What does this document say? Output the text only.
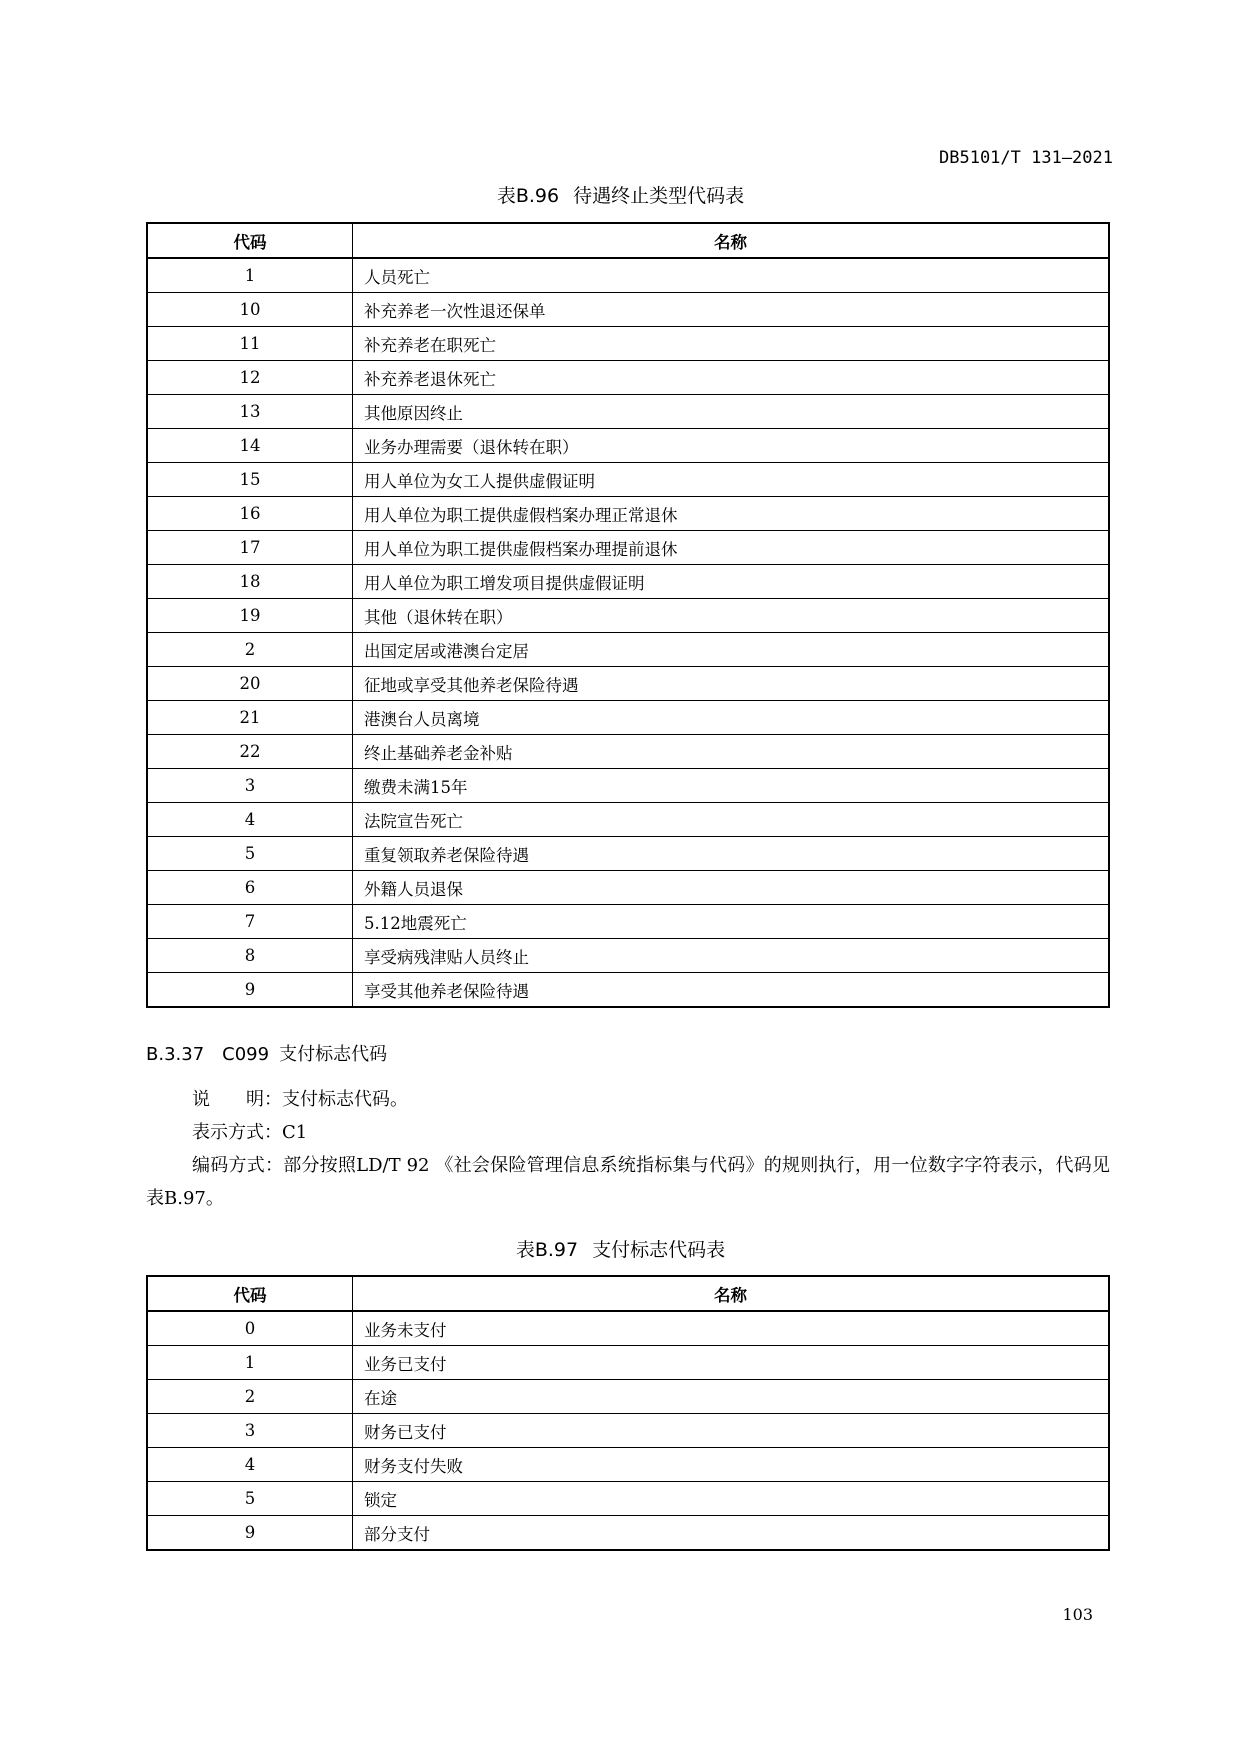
DB5101/T 131—2021
表B.96 待遇终止类型代码表
代码	名称
1	人员死亡
10	补充养老一次性退还保单
11	补充养老在职死亡
12	补充养老退休死亡
13	其他原因终止
14	业务办理需要（退休转在职）
15	用人单位为女工人提供虚假证明
16	用人单位为职工提供虚假档案办理正常退休
17	用人单位为职工提供虚假档案办理提前退休
18	用人单位为职工增发项目提供虚假证明
19	其他（退休转在职）
2	出国定居或港澳台定居
20	征地或享受其他养老保险待遇
21	港澳台人员离境
22	终止基础养老金补贴
3	缴费未满15年
4	法院宣告死亡
5	重复领取养老保险待遇
6	外籍人员退保
7	5.12地震死亡
8	享受病残津贴人员终止
9	享受其他养老保险待遇
B.3.37 C099 支付标志代码
说　　明：支付标志代码。
表示方式：C1
编码方式：部分按照LD/T 92 《社会保险管理信息系统指标集与代码》的规则执行，用一位数字字符表示，代码见表B.97。
表B.97 支付标志代码表
代码	名称
0	业务未支付
1	业务已支付
2	在途
3	财务已支付
4	财务支付失败
5	锁定
9	部分支付
103
